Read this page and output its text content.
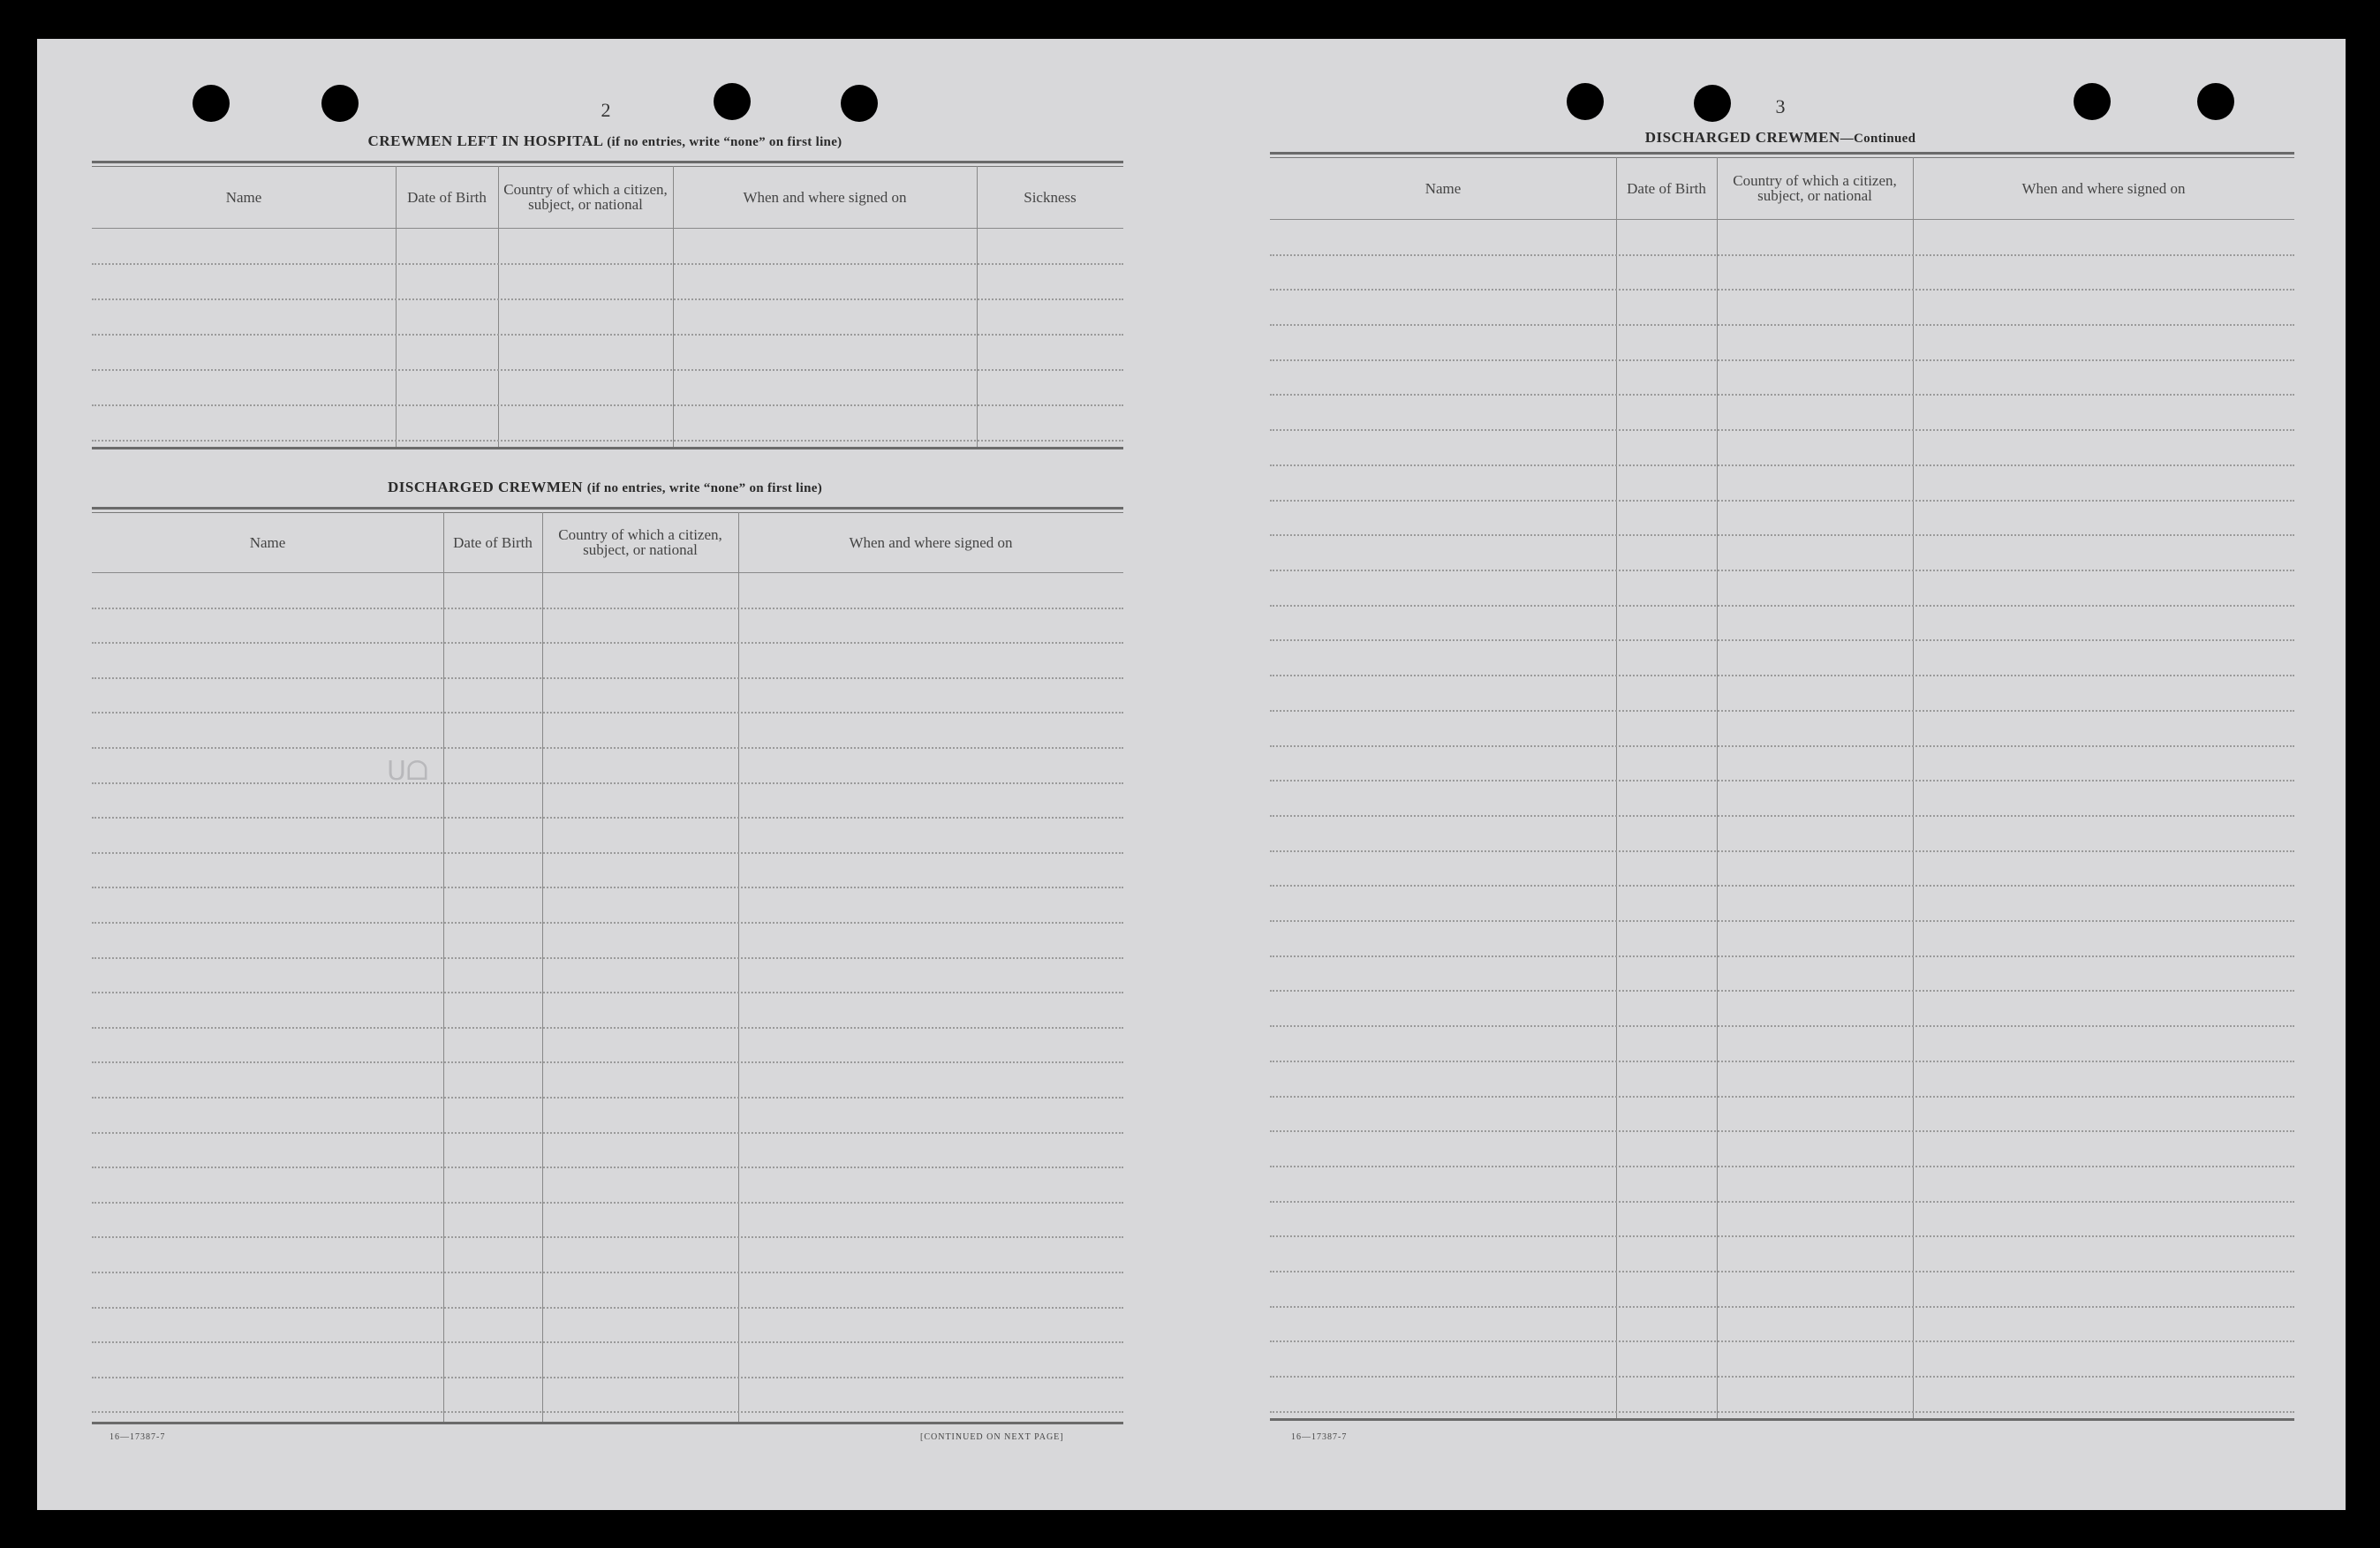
2
CREWMEN LEFT IN HOSPITAL (if no entries, write “none” on first line)
Name	Date of Birth	Country of which a citizen, subject, or national	When and where signed on	Sickness
DISCHARGED CREWMEN (if no entries, write “none” on first line)
Name	Date of Birth	Country of which a citizen, subject, or national	When and where signed on
ᑌᗝ
16—17387-7	[CONTINUED ON NEXT PAGE]
3
DISCHARGED CREWMEN—Continued
Name	Date of Birth	Country of which a citizen, subject, or national	When and where signed on
16—17387-7
